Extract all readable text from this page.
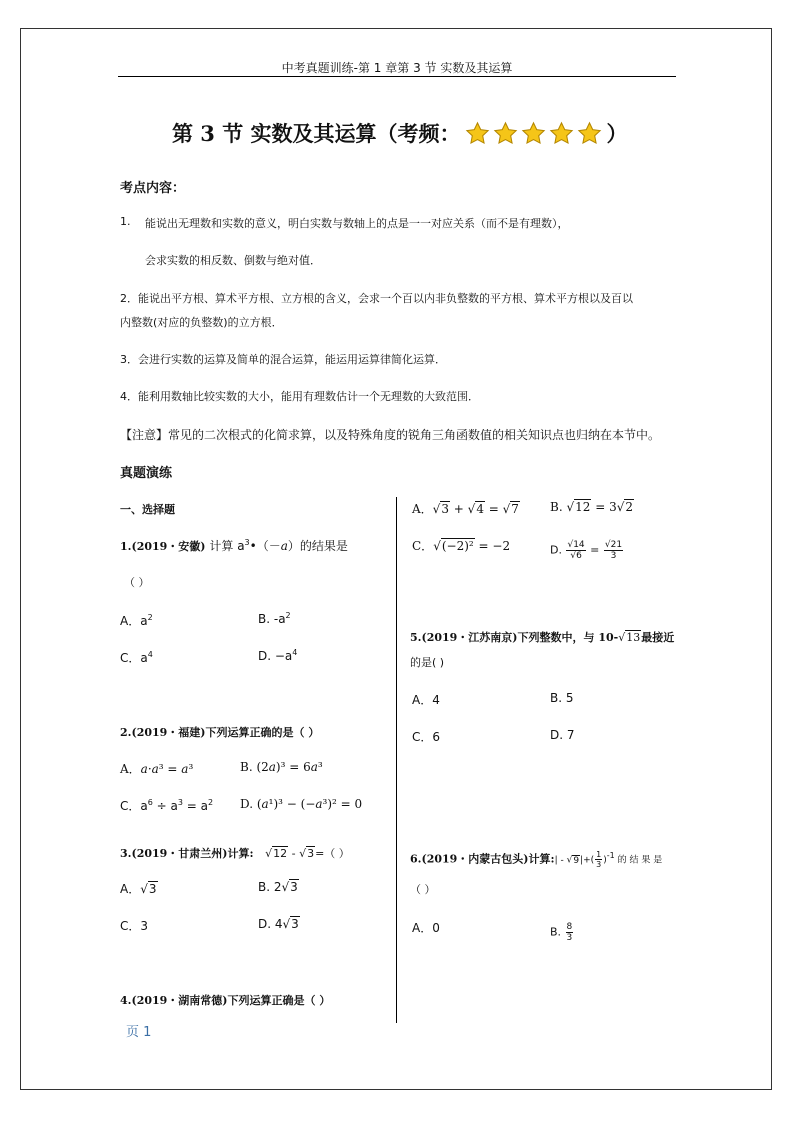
中考真题训练-第 1 章第 3 节 实数及其运算
第 3 节 实数及其运算（考频：	）
考点内容：
1. 能说出无理数和实数的意义，明白实数与数轴上的点是一一对应关系（而不是有理数），
会求实数的相反数、倒数与绝对值．
2．能说出平方根、算术平方根、立方根的含义，会求一个百以内非负整数的平方根、算术平方根以及百以
内整数(对应的负整数)的立方根．
3．会进行实数的运算及简单的混合运算，能运用运算律简化运算．
4．能利用数轴比较实数的大小，能用有理数估计一个无理数的大致范围．
【注意】常见的二次根式的化简求算，以及特殊角度的锐角三角函数值的相关知识点也归纳在本节中。
真题演练
一、选择题
1.(2019・安徽) 计算 $a^3•(-a)$的结果是
（ ）
A．$a^2$	B. $-a^2$
C．$a^4$	D. $-a^4$
2.(2019・福建)下列运算正确的是（ ）
A．𝑎·𝑎³ = 𝑎³	B. (2𝑎)³ = 6𝑎³
C．$a^6 \div a^3 = a^2$ D. (𝑎¹)³ − (−𝑎³)² = 0
3.(2019・甘肃兰州)计算: √12 - √3=（ ）
A．√3	B. 2√3
C．3	D. 4√3
4.(2019・湖南常德)下列运算正确是（ ）
A．√3 + √4 = √7	B. √12 = 3√2
C．√(−2)² = −2	D. $\frac{√14}{√6} = \frac{√21}{3}$
5.(2019・江苏南京)下列整数中，与 10-√13最接近
的是( )
A．4	B. 5
C．6	D. 7
6.(2019・内蒙古包头)计算:| - $√9|+( \frac{1}{3} )^{-1}$ 的 结 果 是
（ ）
A．0	B. $\frac{8}{3}$
页 1
